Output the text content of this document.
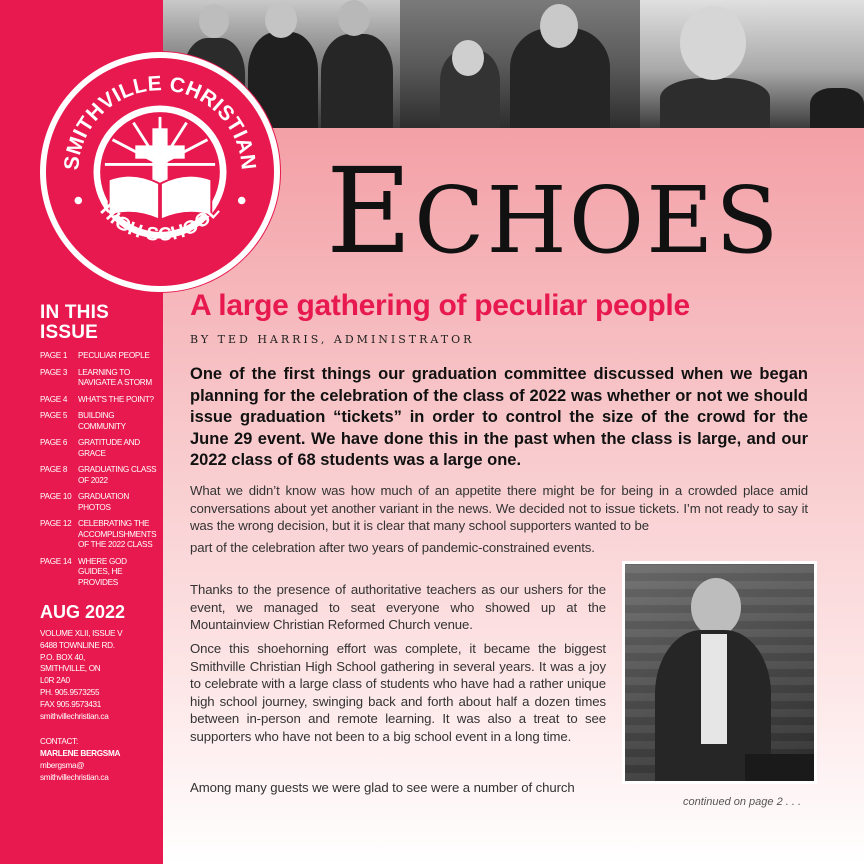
IN THIS
ISSUE
PAGE 1	PECULIAR PEOPLE
PAGE 3	LEARNING TO NAVIGATE A STORM
PAGE 4	WHAT'S THE POINT?
PAGE 5	BUILDING COMMUNITY
PAGE 6	GRATITUDE AND GRACE
PAGE 8	GRADUATING CLASS OF 2022
PAGE 10 GRADUATION PHOTOS
PAGE 12 CELEBRATING THE ACCOMPLISHMENTS OF THE 2022 CLASS
PAGE 14 WHERE GOD GUIDES, HE PROVIDES
AUG 2022
VOLUME XLII, ISSUE V
6488 TOWNLINE RD.
P.O. BOX 40,
SMITHVILLE, ON
L0R 2A0
PH. 905.9573255
FAX 905.9573431
smithvillechristian.ca
CONTACT:
MARLENE BERGSMA
mbergsma@
smithvillechristian.ca
SMITHVILLE CHRISTIAN
HIGH SCHOOL ECHOES
A large gathering of peculiar people
BY TED HARRIS, ADMINISTRATOR

One of the first things our graduation committee discussed when we began planning for the celebration of the class of 2022 was whether or not we should issue graduation “tickets” in order to control the size of the crowd for the June 29 event. We have done this in the past when the class is large, and our 2022 class of 68 students was a large one.

What we didn’t know was how much of an appetite there might be for being in a crowded place amid conversations about yet another variant in the news. We decided not to issue tickets. I’m not ready to say it was the wrong decision, but it is clear that many school supporters wanted to be

part of the celebration after two years of pandemic-constrained events.

Thanks to the presence of authoritative teachers as our ushers for the event, we managed to seat everyone who showed up at the Mountainview Christian Reformed Church venue.

Once this shoehorning effort was complete, it became the biggest Smithville Christian High School gathering in several years. It was a joy to celebrate with a large class of students who have had a rather unique high school journey, swinging back and forth about half a dozen times between in-person and remote learning. It was also a treat to see supporters who have not been to a big school event in a long time.

Among many guests we were glad to see were a number of church

continued on page 2 . . .
